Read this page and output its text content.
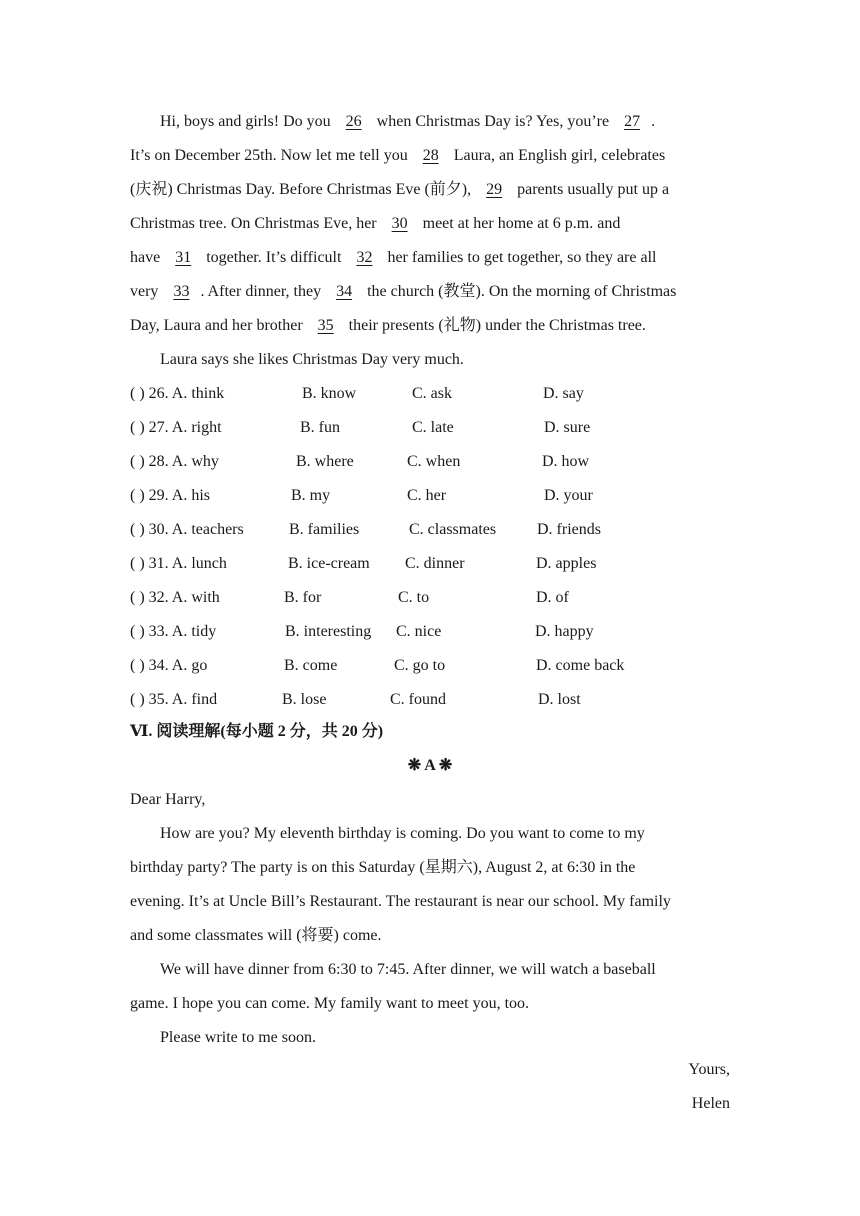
Hi, boys and girls! Do you 26 when Christmas Day is? Yes, you’re 27 .
It’s on December 25th. Now let me tell you 28 Laura, an English girl, celebrates
(庆祝) Christmas Day. Before Christmas Eve (前夕), 29 parents usually put up a
Christmas tree. On Christmas Eve, her 30 meet at her home at 6 p.m. and
have 31 together. It’s difficult 32 her families to get together, so they are all
very 33 . After dinner, they 34 the church (教堂). On the morning of Christmas
Day, Laura and her brother 35 their presents (礼物) under the Christmas tree.
Laura says she likes Christmas Day very much.
( ) 26. A. think	B. know	C. ask	D. say
( ) 27. A. right	B. fun	C. late	D. sure
( ) 28. A. why	B. where	C. when	D. how
( ) 29. A. his	B. my	C. her	D. your
( ) 30. A. teachers	B. families	C. classmates	D. friends
( ) 31. A. lunch	B. ice-cream C. dinner	D. apples
( ) 32. A. with	B. for	C. to	D. of
( ) 33. A. tidy	B. interesting C. nice	D. happy
( ) 34. A. go	B. come	C. go to	D. come back
( ) 35. A. find	B. lose	C. found	D. lost
Ⅵ. 阅读理解(每小题 2 分，共 20 分)
❋ A ❋
Dear Harry,
How are you? My eleventh birthday is coming. Do you want to come to my
birthday party? The party is on this Saturday (星期六), August 2, at 6:30 in the
evening. It’s at Uncle Bill’s Restaurant. The restaurant is near our school. My family
and some classmates will (将要) come.
We will have dinner from 6:30 to 7:45. After dinner, we will watch a baseball
game. I hope you can come. My family want to meet you, too.
Please write to me soon.
Yours,
Helen
